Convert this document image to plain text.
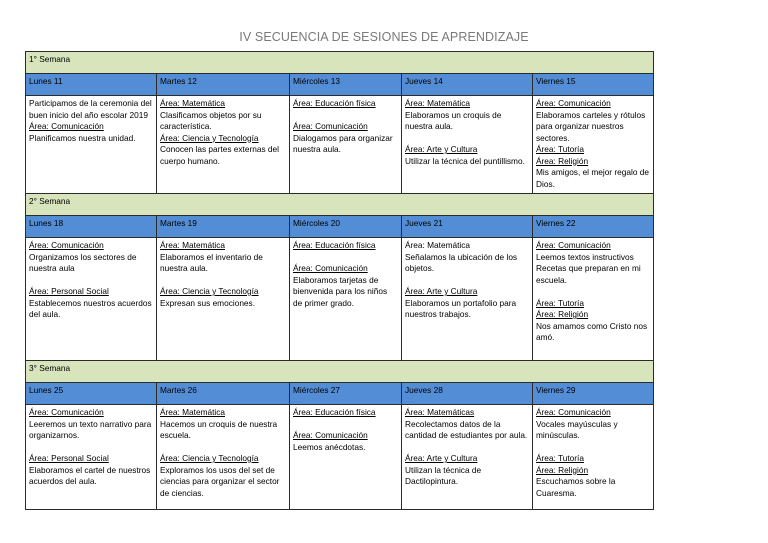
IV SECUENCIA DE SESIONES DE APRENDIZAJE
1° Semana				
Lunes 11	Martes 12	Miércoles 13	Jueves 14	Viernes 15

Participamos de la ceremonia del buen inicio del año escolar 2019
Área: Comunicación
Planificamos nuestra unidad.	Área: Matemática
Clasificamos objetos por su característica.
Área: Ciencia y Tecnología
Conocen las partes externas del cuerpo humano.	Área: Educación física
Área: Comunicación
Dialogamos para organizar nuestra aula.	Área: Matemática
Elaboramos un croquis de nuestra aula.
Área: Arte y Cultura
Utilizar la técnica del puntillismo.	Área: Comunicación
Elaboramos carteles y rótulos para organizar nuestros sectores.
Área: Tutoría
Área: Religión
Mis amigos, el mejor regalo de Dios.

2° Semana				
Lunes 18	Martes 19	Miércoles 20	Jueves 21	Viernes 22

Área: Comunicación
Organizamos los sectores de nuestra aula
Área: Personal Social
Establecemos nuestros acuerdos del aula.	Área: Matemática
Elaboramos el inventario de nuestra aula.
Área: Ciencia y Tecnología
Expresan sus emociones.	Área: Educación física
Área: Comunicación
Elaboramos tarjetas de bienvenida para los niños de primer grado.	Área: Matemática
Señalamos la ubicación de los objetos.
Área: Arte y Cultura
Elaboramos un portafolio para nuestros trabajos.	Área: Comunicación
Leemos textos instructivos Recetas que preparan en mi escuela.
Área: Tutoría
Área: Religión
Nos amamos como Cristo nos amó.

3° Semana				
Lunes 25	Martes 26	Miércoles 27	Jueves 28	Viernes 29

Área: Comunicación
Leeremos un texto narrativo para organizarnos.
Área: Personal Social
Elaboramos el cartel de nuestros acuerdos del aula.	Área: Matemática
Hacemos un croquis de nuestra escuela.
Área: Ciencia y Tecnología
Exploramos los usos del set de ciencias para organizar el sector de ciencias.	Área: Educación física
Área: Comunicación
Leemos anécdotas.	Área: Matemáticas
Recolectamos datos de la cantidad de estudiantes por aula.
Área: Arte y Cultura
Utilizan la técnica de Dactilopintura.	Área: Comunicación
Vocales mayúsculas y minúsculas.
Área: Tutoría
Área: Religión
Escuchamos sobre la Cuaresma.
